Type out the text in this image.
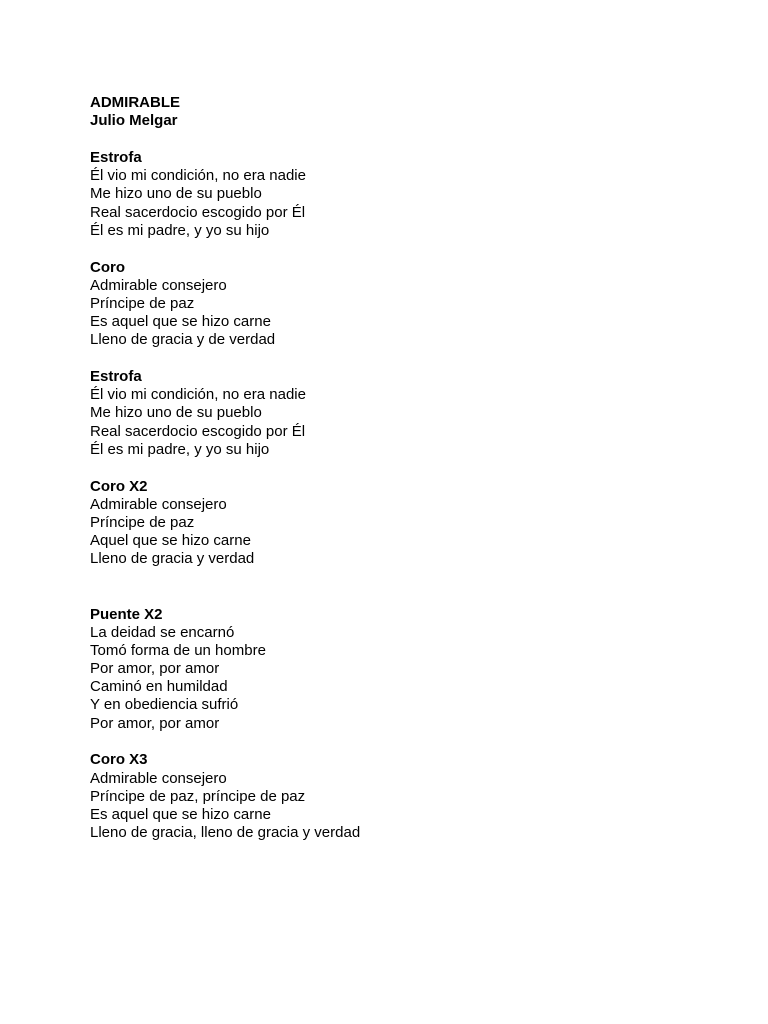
ADMIRABLE
Julio Melgar
Estrofa
Él vio mi condición, no era nadie
Me hizo uno de su pueblo
Real sacerdocio escogido por Él
Él es mi padre, y yo su hijo
Coro
Admirable consejero
Príncipe de paz
Es aquel que se hizo carne
Lleno de gracia y de verdad
Estrofa
Él vio mi condición, no era nadie
Me hizo uno de su pueblo
Real sacerdocio escogido por Él
Él es mi padre, y yo su hijo
Coro X2
Admirable consejero
Príncipe de paz
Aquel que se hizo carne
Lleno de gracia y verdad
Puente X2
La deidad se encarnó
Tomó forma de un hombre
Por amor, por amor
Caminó en humildad
Y en obediencia sufrió
Por amor, por amor
Coro X3
Admirable consejero
Príncipe de paz, príncipe de paz
Es aquel que se hizo carne
Lleno de gracia, lleno de gracia y verdad
